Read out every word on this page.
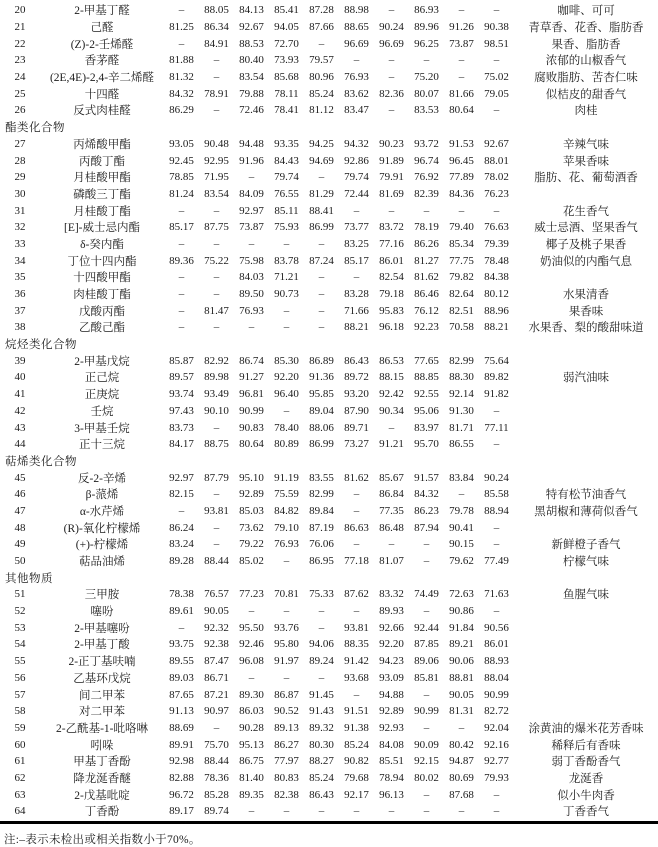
20	2-甲基丁醛	–	88.05 84.13 85.41 87.28 88.98	–	86.93	–	–	咖啡、可可
21	己醛	81.25 86.34 92.67 94.05 87.66 88.65 90.24 89.96 91.26 90.38	青草香、花香、脂肪香
22	(Z)-2-壬烯醛	–	84.91 88.53 72.70	–	96.69 96.69 96.25 73.87 98.51	果香、脂肪香
23	香茅醛	81.88	–	80.40 73.93 79.57	–	–	–	–	–	浓郁的山椒香气
24	(2E,4E)-2,4-辛二烯醛	81.32	–	83.54 85.68 80.96 76.93	–	75.20	–	75.02	腐败脂肪、苦杏仁味
25	十四醛	84.32 78.91 79.88 78.11 85.24 83.62 82.36 80.07 81.66 79.05	似桔皮的甜香气
26	反式肉桂醛	86.29	–	72.46 78.41 81.12 83.47	–	83.53 80.64	–	肉桂
酯类化合物
27	丙烯酸甲酯	93.05 90.48 94.48 93.35 94.25 94.32 90.23 93.72 91.53 92.67	辛辣气味
28	丙酸丁酯	92.45 92.95 91.96 84.43 94.69 92.86 91.89 96.74 96.45 88.01	苹果香味
29	月桂酸甲酯	78.85 71.95	–	79.74	–	79.74 79.91 76.92 77.89 78.02	脂肪、花、葡萄酒香
30	磷酸三丁酯	81.24 83.54 84.09 76.55 81.29 72.44 81.69 82.39 84.36 76.23
31	月桂酸丁酯	–	–	92.97 85.11 88.41	–	–	–	–	–	花生香气
32	[E]-威士忌内酯	85.17 87.75 73.87 75.93 86.99 73.77 83.72 78.19 79.40 76.63	威士忌酒、坚果香气
33	δ-癸内酯	–	–	–	–	–	83.25 77.16 86.26 85.34 79.39	椰子及桃子果香
34	丁位十四内酯	89.36 75.22 75.98 83.78 87.24 85.17 86.01 81.27 77.75 78.48	奶油似的内酯气息
35	十四酸甲酯	–	–	84.03 71.21	–	–	82.54 81.62 79.82 84.38
36	肉桂酸丁酯	–	–	89.50 90.73	–	83.28 79.18 86.46 82.64 80.12	水果清香
37	戊酸丙酯	–	81.47 76.93	–	–	71.66 95.83 76.12 82.51 88.96	果香味
38	乙酸己酯	–	–	–	–	–	88.21 96.18 92.23 70.58 88.21	水果香、梨的酸甜味道
烷烃类化合物
39	2-甲基戊烷	85.87 82.92 86.74 85.30 86.89 86.43 86.53 77.65 82.99 75.64
40	正己烷	89.57 89.98 91.27 92.20 91.36 89.72 88.15 88.85 88.30 89.82	弱汽油味
41	正庚烷	93.74 93.49 96.81 96.40 95.85 93.20 92.42 92.55 92.14 91.82
42	壬烷	97.43 90.10 90.99	–	89.04 87.90 90.34 95.06 91.30	–
43	3-甲基壬烷	83.73	–	90.83 78.40 88.06 89.71	–	83.97 81.71 77.11
44	正十三烷	84.17 88.75 80.64 80.89 86.99 73.27 91.21 95.70 86.55	–
萜烯类化合物
45	反-2-辛烯	92.97 87.79 95.10 91.19 83.55 81.62 85.67 91.57 83.84 90.24
46	β-蒎烯	82.15	–	92.89 75.59 82.99	–	86.84 84.32	–	85.58	特有松节油香气
47	α-水芹烯	–	93.81 85.03 84.82 89.84	–	77.35 86.23 79.78 88.94	黑胡椒和薄荷似香气
48	(R)-氧化柠檬烯	86.24	–	73.62 79.10 87.19 86.63 86.48 87.94 90.41	–
49	(+)-柠檬烯	83.24	–	79.22 76.93 76.06	–	–	–	90.15	–	新鲜橙子香气
50	萜品油烯	89.28 88.44 85.02	–	86.95 77.18 81.07	–	79.62 77.49	柠檬气味
其他物质
51	三甲胺	78.38 76.57 77.23 70.81 75.33 87.62 83.32 74.49 72.63 71.63	鱼腥气味
52	噻吩	89.61 90.05	–	–	–	–	89.93	–	90.86	–
53	2-甲基噻吩	–	92.32 95.50 93.76	–	93.81 92.66 92.44 91.84 90.56
54	2-甲基丁酸	93.75 92.38 92.46 95.80 94.06 88.35 92.20 87.85 89.21 86.01
55	2-正丁基呋喃	89.55 87.47 96.08 91.97 89.24 91.42 94.23 89.06 90.06 88.93
56	乙基环戊烷	89.03 86.71	–	–	–	93.68 93.09 85.81 88.81 88.04
57	间二甲苯	87.65 87.21 89.30 86.87 91.45	–	94.88	–	90.05 90.99
58	对二甲苯	91.13 90.97 86.03 90.52 91.43 91.51 92.89 90.99 81.31 82.72
59	2-乙酰基-1-吡咯啉	88.69	–	90.28 89.13 89.32 91.38 92.93	–	–	92.04	涂黄油的爆米花芳香味
60	吲哚	89.91 75.70 95.13 86.27 80.30 85.24 84.08 90.09 80.42 92.16	稀释后有香味
61	甲基丁香酚	92.98 88.44 86.75 77.97 88.27 90.82 85.51 92.15 94.87 92.77	弱丁香酚香气
62	降龙涎香醚	82.88 78.36 81.40 80.83 85.24 79.68 78.94 80.02 80.69 79.93	龙涎香
63	2-戊基吡啶	96.72 85.28 89.35 82.38 86.43 92.17 96.13	–	87.68	–	似小牛肉香
64	丁香酚	89.17 89.74	–	–	–	–	–	–	–	–	丁香香气
注:–表示未检出或相关指数小于70%。
